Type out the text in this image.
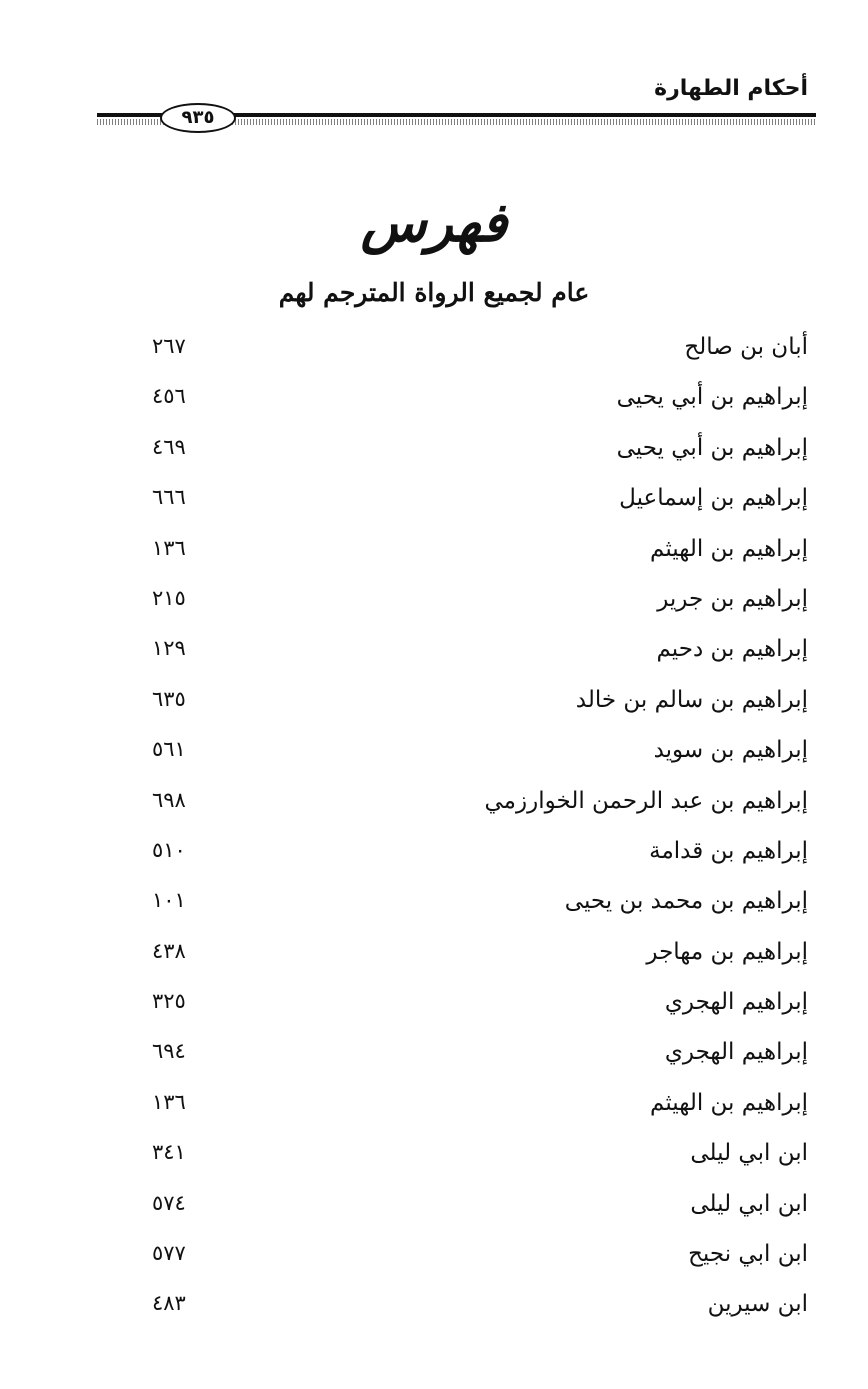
أحكام الطهارة
٩٣٥
فهرس
عام لجميع الرواة المترجم لهم
أبان بن صالح
٢٦٧
إبراهيم بن أبي يحيى
٤٥٦
إبراهيم بن أبي يحيى
٤٦٩
إبراهيم بن إسماعيل
٦٦٦
إبراهيم بن الهيثم
١٣٦
إبراهيم بن جرير
٢١٥
إبراهيم بن دحيم
١٢٩
إبراهيم بن سالم بن خالد
٦٣٥
إبراهيم بن سويد
٥٦١
إبراهيم بن عبد الرحمن الخوارزمي
٦٩٨
إبراهيم بن قدامة
٥١٠
إبراهيم بن محمد بن يحيى
١٠١
إبراهيم بن مهاجر
٤٣٨
إبراهيم الهجري
٣٢٥
إبراهيم الهجري
٦٩٤
إبراهيم بن الهيثم
١٣٦
ابن ابي ليلى
٣٤١
ابن ابي ليلى
٥٧٤
ابن ابي نجيح
٥٧٧
ابن سيرين
٤٨٣
